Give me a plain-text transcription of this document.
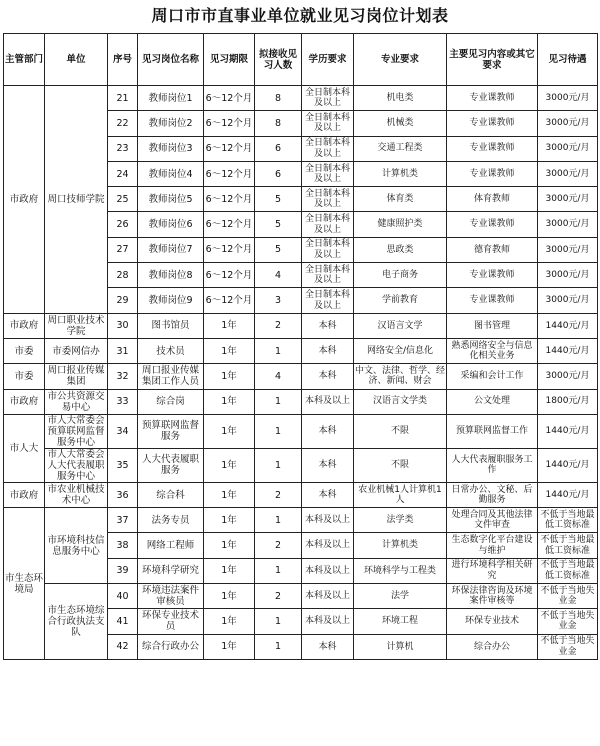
周口市市直事业单位就业见习岗位计划表
主管部门	单位	序号	见习岗位名称	见习期限	拟接收见习人数	学历要求	专业要求	主要见习内容或其它要求	见习待遇
市政府	周口技师学院	21	教师岗位1	6～12个月	8	全日制本科及以上	机电类	专业课教师	3000元/月
		22	教师岗位2	6～12个月	8	全日制本科及以上	机械类	专业课教师	3000元/月
		23	教师岗位3	6～12个月	6	全日制本科及以上	交通工程类	专业课教师	3000元/月
		24	教师岗位4	6～12个月	6	全日制本科及以上	计算机类	专业课教师	3000元/月
		25	教师岗位5	6～12个月	5	全日制本科及以上	体育类	体育教师	3000元/月
		26	教师岗位6	6～12个月	5	全日制本科及以上	健康照护类	专业课教师	3000元/月
		27	教师岗位7	6～12个月	5	全日制本科及以上	思政类	德育教师	3000元/月
		28	教师岗位8	6～12个月	4	全日制本科及以上	电子商务	专业课教师	3000元/月
		29	教师岗位9	6～12个月	3	全日制本科及以上	学前教育	专业课教师	3000元/月
市政府	周口职业技术学院	30	图书馆员	1年	2	本科	汉语言文学	图书管理	1440元/月
市委	市委网信办	31	技术员	1年	1	本科	网络安全/信息化	熟悉网络安全与信息化相关业务	1440元/月
市委	周口报业传媒集团	32	周口报业传媒集团工作人员	1年	4	本科	中文、法律、哲学、经济、新闻、财会	采编和会计工作	3000元/月
市政府	市公共资源交易中心	33	综合岗	1年	1	本科及以上	汉语言文学类	公文处理	1800元/月
市人大	市人大常委会预算联网监督服务中心	34	预算联网监督服务	1年	1	本科	不限	预算联网监督工作	1440元/月
	市人大常委会人大代表履职服务中心	35	人大代表履职服务	1年	1	本科	不限	人大代表履职服务工作	1440元/月
市政府	市农业机械技术中心	36	综合科	1年	2	本科	农业机械1人计算机1人	日常办公、文秘、后勤服务	1440元/月
市生态环境局	市环境科技信息服务中心	37	法务专员	1年	1	本科及以上	法学类	处理合同及其他法律文件审查	不低于当地最低工资标准
		38	网络工程师	1年	2	本科及以上	计算机类	生态数字化平台建设与维护	不低于当地最低工资标准
		39	环境科学研究	1年	1	本科及以上	环境科学与工程类	进行环境科学相关研究	不低于当地最低工资标准
	市生态环境综合行政执法支队	40	环境违法案件审核员	1年	2	本科及以上	法学	环保法律咨询及环境案件审核等	不低于当地失业金
		41	环保专业技术员	1年	1	本科及以上	环境工程	环保专业技术	不低于当地失业金
		42	综合行政办公	1年	1	本科	计算机	综合办公	不低于当地失业金
